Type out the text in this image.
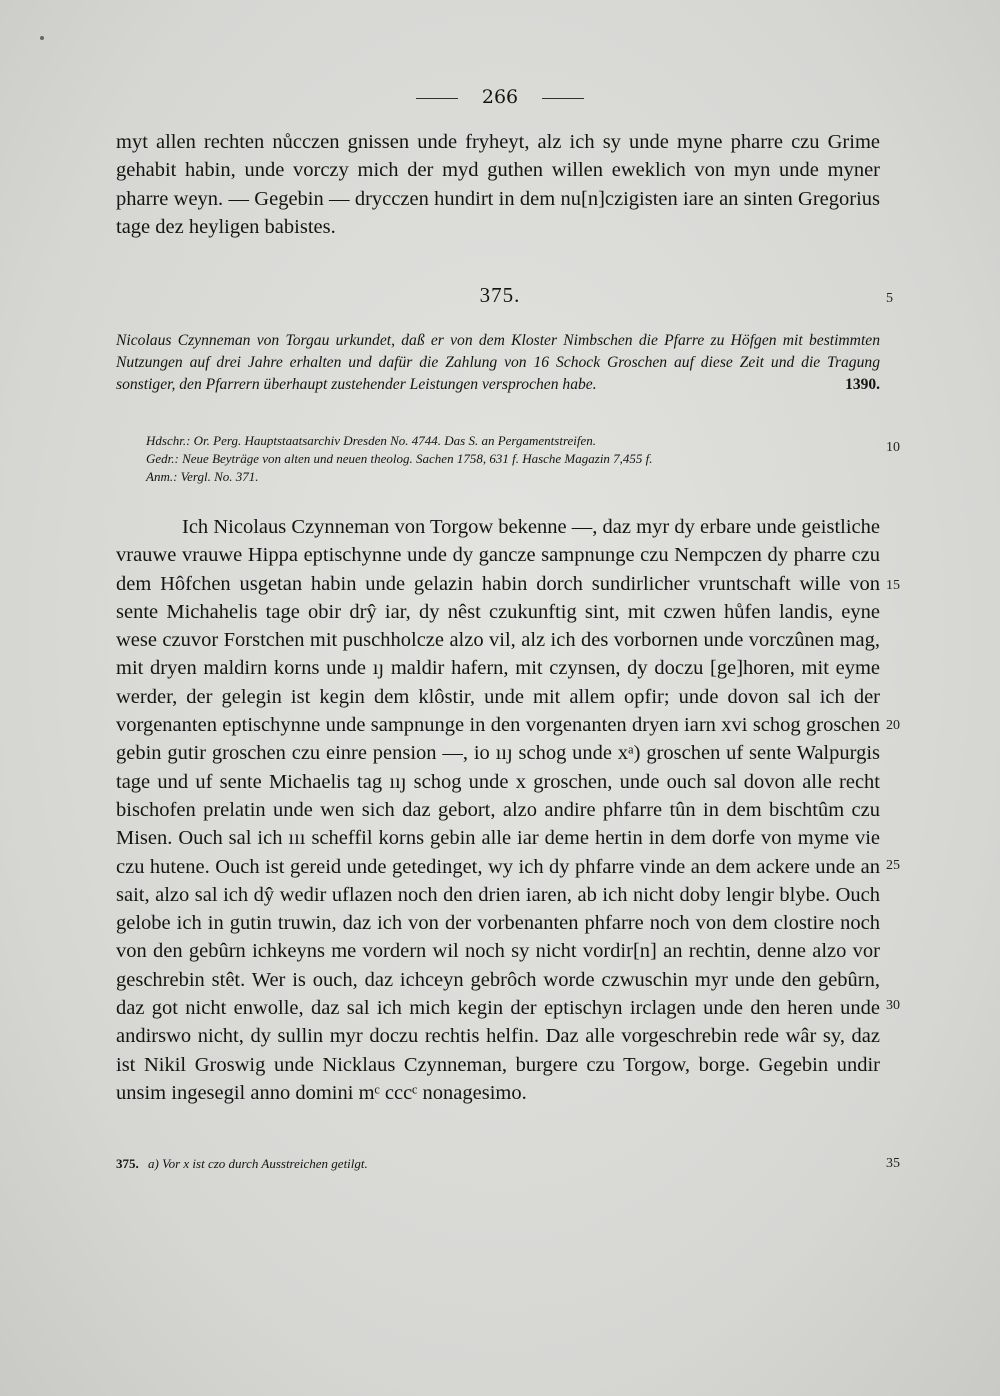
266

myt allen rechten nůcczen gnissen unde fryheyt, alz ich sy unde myne pharre czu Grime gehabit habin, unde vorczy mich der myd guthen willen eweklich von myn unde myner pharre weyn. — Gegebin — drycczen hundirt in dem nu[n]czigisten iare an sinten Gregorius tage dez heyligen babistes.

375.
Nicolaus Czynneman von Torgau urkundet, daß er von dem Kloster Nimbschen die Pfarre zu Höfgen mit bestimmten Nutzungen auf drei Jahre erhalten und dafür die Zahlung von 16 Schock Groschen auf diese Zeit und die Tragung sonstiger, den Pfarrern überhaupt zustehender Leistungen versprochen habe.	1390.
Hdschr.: Or. Perg. Hauptstaatsarchiv Dresden No. 4744. Das S. an Pergamentstreifen.
Gedr.: Neue Beyträge von alten und neuen theolog. Sachen 1758, 631 f. Hasche Magazin 7,455 f.
Anm.: Vergl. No. 371.

Ich Nicolaus Czynneman von Torgow bekenne —, daz myr dy erbare unde geistliche vrauwe vrauwe Hippa eptischynne unde dy gancze sampnunge czu Nempczen dy pharre czu dem Hôfchen usgetan habin unde gelazin habin dorch sundirlicher vruntschaft wille von sente Michahelis tage obir drŷ iar, dy nêst czukunftig sint, mit czwen hůfen landis, eyne wese czuvor Forstchen mit puschholcze alzo vil, alz ich des vorbornen unde vorczûnen mag, mit dryen maldirn korns unde ıȷ maldir hafern, mit czynsen, dy doczu [ge]horen, mit eyme werder, der gelegin ist kegin dem klôstir, unde mit allem opfir; unde dovon sal ich der vorgenanten eptischynne unde sampnunge in den vorgenanten dryen iarn xvi schog groschen gebin gutir groschen czu einre pension —, io ııȷ schog unde xᵃ) groschen uf sente Walpurgis tage und uf sente Michaelis tag ııȷ schog unde x groschen, unde ouch sal dovon alle recht bischofen prelatin unde wen sich daz gebort, alzo andire phfarre tûn in dem bischtûm czu Misen. Ouch sal ich ııı scheffil korns gebin alle iar deme hertin in dem dorfe von myme vie czu hutene. Ouch ist gereid unde getedinget, wy ich dy phfarre vinde an dem ackere unde an sait, alzo sal ich dŷ wedir uflazen noch den drien iaren, ab ich nicht doby lengir blybe. Ouch gelobe ich in gutin truwin, daz ich von der vorbenanten phfarre noch von dem clostire noch von den gebûrn ichkeyns me vordern wil noch sy nicht vordir[n] an rechtin, denne alzo vor geschrebin stêt. Wer is ouch, daz ichceyn gebrôch worde czwuschin myr unde den gebûrn, daz got nicht enwolle, daz sal ich mich kegin der eptischyn irclagen unde den heren unde andirswo nicht, dy sullin myr doczu rechtis helfin. Daz alle vorgeschrebin rede wâr sy, daz ist Nikil Groswig unde Nicklaus Czynneman, burgere czu Torgow, borge. Gegebin undir unsim ingesegil anno domini mᶜ cccᶜ nonagesimo.

375. a) Vor x ist czo durch Ausstreichen getilgt.
5
10
15
20
25
30
35
